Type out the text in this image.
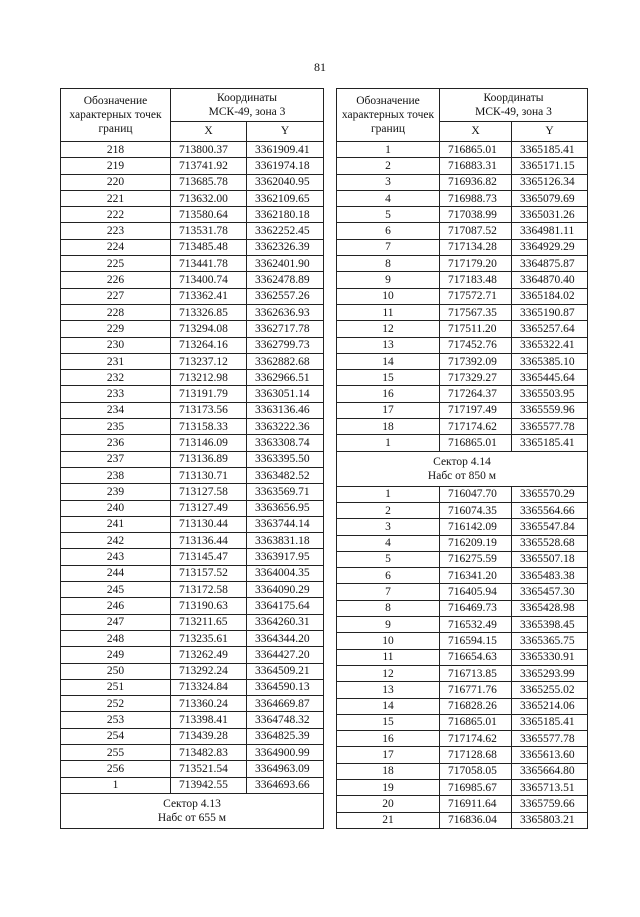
81
Обозначение характерных точек границ	Координаты
МСК-49, зона 3	
	X	Y
218	713800.37	3361909.41
219	713741.92	3361974.18
220	713685.78	3362040.95
221	713632.00	3362109.65
222	713580.64	3362180.18
223	713531.78	3362252.45
224	713485.48	3362326.39
225	713441.78	3362401.90
226	713400.74	3362478.89
227	713362.41	3362557.26
228	713326.85	3362636.93
229	713294.08	3362717.78
230	713264.16	3362799.73
231	713237.12	3362882.68
232	713212.98	3362966.51
233	713191.79	3363051.14
234	713173.56	3363136.46
235	713158.33	3363222.36
236	713146.09	3363308.74
237	713136.89	3363395.50
238	713130.71	3363482.52
239	713127.58	3363569.71
240	713127.49	3363656.95
241	713130.44	3363744.14
242	713136.44	3363831.18
243	713145.47	3363917.95
244	713157.52	3364004.35
245	713172.58	3364090.29
246	713190.63	3364175.64
247	713211.65	3364260.31
248	713235.61	3364344.20
249	713262.49	3364427.20
250	713292.24	3364509.21
251	713324.84	3364590.13
252	713360.24	3364669.87
253	713398.41	3364748.32
254	713439.28	3364825.39
255	713482.83	3364900.99
256	713521.54	3364963.09
1	713942.55	3364693.66
Сектор 4.13
Набс от 655 м		
Обозначение характерных точек границ	Координаты
МСК-49, зона 3	
	X	Y
1	716865.01	3365185.41
2	716883.31	3365171.15
3	716936.82	3365126.34
4	716988.73	3365079.69
5	717038.99	3365031.26
6	717087.52	3364981.11
7	717134.28	3364929.29
8	717179.20	3364875.87
9	717183.48	3364870.40
10	717572.71	3365184.02
11	717567.35	3365190.87
12	717511.20	3365257.64
13	717452.76	3365322.41
14	717392.09	3365385.10
15	717329.27	3365445.64
16	717264.37	3365503.95
17	717197.49	3365559.96
18	717174.62	3365577.78
1	716865.01	3365185.41
Сектор 4.14
Набс от 850 м		
1	716047.70	3365570.29
2	716074.35	3365564.66
3	716142.09	3365547.84
4	716209.19	3365528.68
5	716275.59	3365507.18
6	716341.20	3365483.38
7	716405.94	3365457.30
8	716469.73	3365428.98
9	716532.49	3365398.45
10	716594.15	3365365.75
11	716654.63	3365330.91
12	716713.85	3365293.99
13	716771.76	3365255.02
14	716828.26	3365214.06
15	716865.01	3365185.41
16	717174.62	3365577.78
17	717128.68	3365613.60
18	717058.05	3365664.80
19	716985.67	3365713.51
20	716911.64	3365759.66
21	716836.04	3365803.21
